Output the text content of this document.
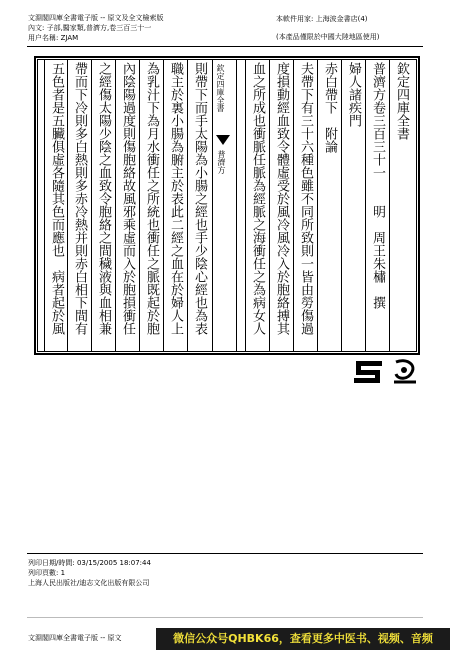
文淵閣四庫全書電子版 -- 原文及全文檢索版
內文: 子部,醫家類,普濟方,卷三百三十一
用户名稱: ZJAM
本軟件用家: 上海波金書店(4)
(本產品僅限於中國大陸地區使用)
欽定四庫全書
普濟方卷三百三十一　　明　周王朱橚　撰
婦人諸疾門
赤白帶下　附論
夫帶下有三十六種色雖不同所致則一皆由勞傷過
度損動經血致令體虛受於風冷風冷入於胞絡搏其
血之所成也衝脈任脈為經脈之海衝任之為病女人
欽定四庫全書
普濟方
則帶下而手太陽為小腸之經也手少陰心經也為表
職主於裏小腸為腑主於表此二經之血在於婦人上
為乳汁下為月水衝任之所統也衝任之脈既起於胞
內陰陽過度則傷胞絡故風邪乘虛而入於胞損衝任
之經傷太陽少陰之血致令胞絡之間穢液與血相兼
帶而下冷則多白熱則多赤冷熱并則赤白相下間有
五色者是五臟俱虛各隨其色而應也　病者起於風
列印日期/時間: 03/15/2005 18:07:44
列印頁數: 1
上海人民出版社/迪志文化出版有限公司
文淵閣四庫全書電子版 -- 原文	微信公众号QHBK66，查看更多中医书、视频、音频
